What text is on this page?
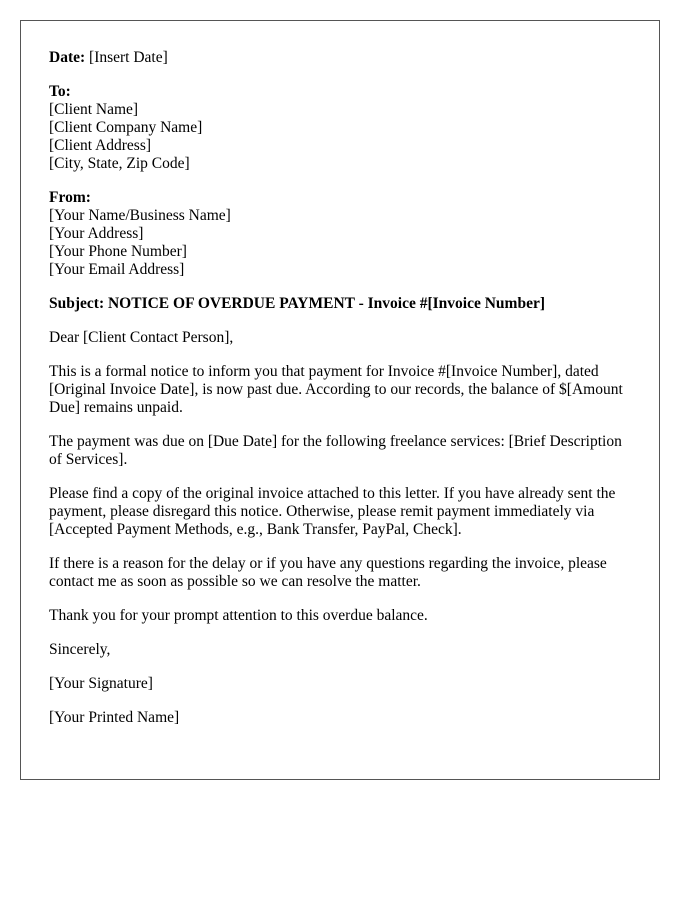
Date: [Insert Date]
To:
[Client Name]
[Client Company Name]
[Client Address]
[City, State, Zip Code]
From:
[Your Name/Business Name]
[Your Address]
[Your Phone Number]
[Your Email Address]

Subject: NOTICE OF OVERDUE PAYMENT - Invoice #[Invoice Number]

Dear [Client Contact Person],

This is a formal notice to inform you that payment for Invoice #[Invoice Number], dated [Original Invoice Date], is now past due. According to our records, the balance of $[Amount Due] remains unpaid.

The payment was due on [Due Date] for the following freelance services: [Brief Description of Services].

Please find a copy of the original invoice attached to this letter. If you have already sent the payment, please disregard this notice. Otherwise, please remit payment immediately via [Accepted Payment Methods, e.g., Bank Transfer, PayPal, Check].

If there is a reason for the delay or if you have any questions regarding the invoice, please contact me as soon as possible so we can resolve the matter.

Thank you for your prompt attention to this overdue balance.

Sincerely,

[Your Signature]

[Your Printed Name]
